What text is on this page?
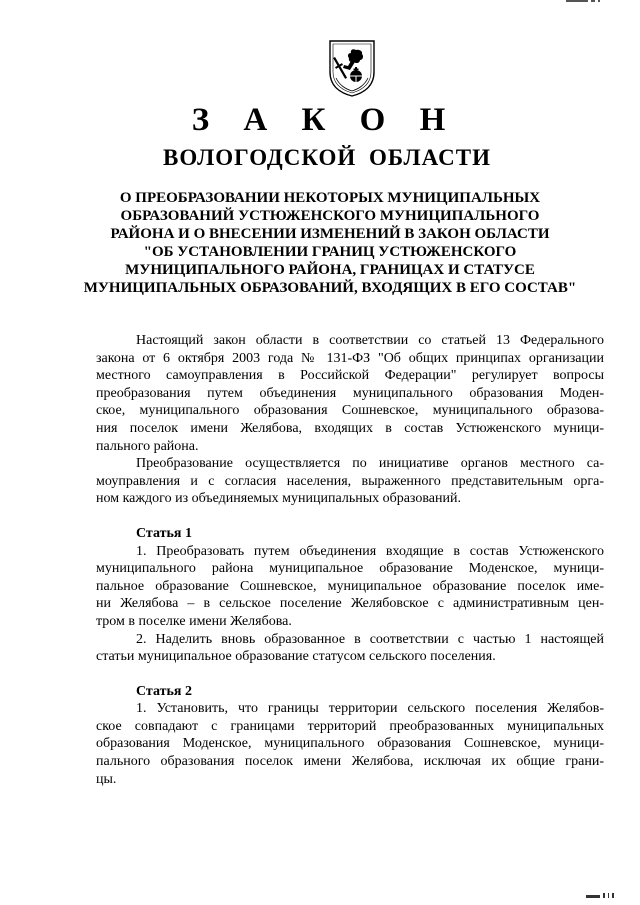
З А К О Н
ВОЛОГОДСКОЙ ОБЛАСТИ
О ПРЕОБРАЗОВАНИИ НЕКОТОРЫХ МУНИЦИПАЛЬНЫХ
ОБРАЗОВАНИЙ УСТЮЖЕНСКОГО МУНИЦИПАЛЬНОГО
РАЙОНА И О ВНЕСЕНИИ ИЗМЕНЕНИЙ В ЗАКОН ОБЛАСТИ
"ОБ УСТАНОВЛЕНИИ ГРАНИЦ УСТЮЖЕНСКОГО
МУНИЦИПАЛЬНОГО РАЙОНА, ГРАНИЦАХ И СТАТУСЕ
МУНИЦИПАЛЬНЫХ ОБРАЗОВАНИЙ, ВХОДЯЩИХ В ЕГО СОСТАВ"
Настоящий закон области в соответствии со статьей 13 Федерального
закона от 6 октября 2003 года № 131-ФЗ "Об общих принципах организации
местного самоуправления в Российской Федерации" регулирует вопросы
преобразования путем объединения муниципального образования Моден-
ское, муниципального образования Сошневское, муниципального образова-
ния поселок имени Желябова, входящих в состав Устюженского муници-
пального района.
Преобразование осуществляется по инициативе органов местного са-
моуправления и с согласия населения, выраженного представительным орга-
ном каждого из объединяемых муниципальных образований.
Статья 1
1. Преобразовать путем объединения входящие в состав Устюженского
муниципального района муниципальное образование Моденское, муници-
пальное образование Сошневское, муниципальное образование поселок име-
ни Желябова – в сельское поселение Желябовское с административным цен-
тром в поселке имени Желябова.
2. Наделить вновь образованное в соответствии с частью 1 настоящей
статьи муниципальное образование статусом сельского поселения.
Статья 2
1. Установить, что границы территории сельского поселения Желябов-
ское совпадают с границами территорий преобразованных муниципальных
образования Моденское, муниципального образования Сошневское, муници-
пального образования поселок имени Желябова, исключая их общие грани-
цы.
